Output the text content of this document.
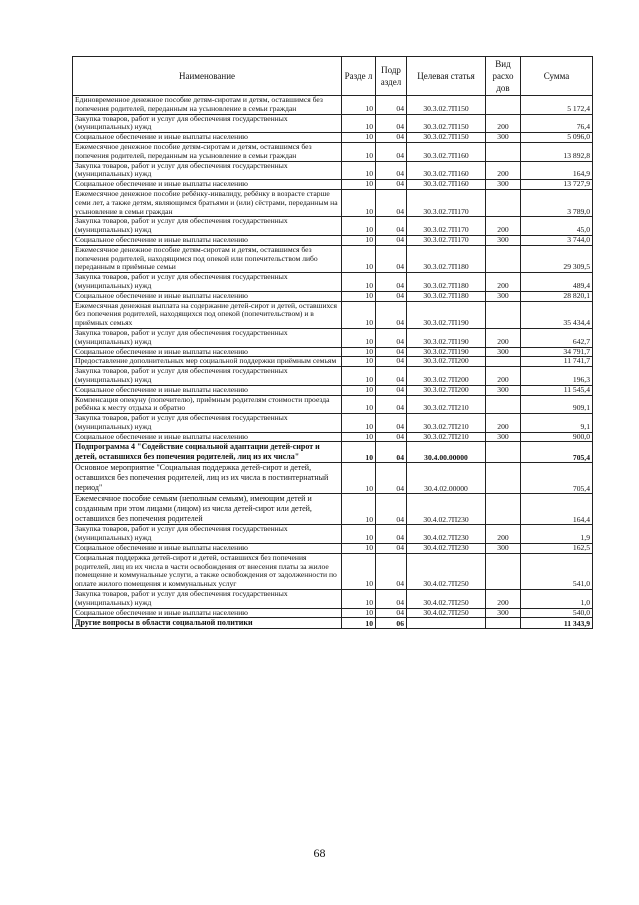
Наименование	Разде л	Подр аздел	Целевая статья	Вид расхо дов	Сумма
Единовременное денежное пособие детям-сиротам и детям, оставшимся без попечения родителей, переданным на усыновление в семьи граждан	10	04	30.3.02.7П150		5 172,4
Закупка товаров, работ и услуг для обеспечения государственных (муниципальных) нужд	10	04	30.3.02.7П150	200	76,4
Социальное обеспечение и иные выплаты населению	10	04	30.3.02.7П150	300	5 096,0
Ежемесячное денежное пособие детям-сиротам и детям, оставшимся без попечения родителей, переданным на усыновление в семьи граждан	10	04	30.3.02.7П160		13 892,8
Закупка товаров, работ и услуг для обеспечения государственных (муниципальных) нужд	10	04	30.3.02.7П160	200	164,9
Социальное обеспечение и иные выплаты населению	10	04	30.3.02.7П160	300	13 727,9
Ежемесячное денежное пособие ребёнку-инвалиду, ребёнку в возрасте старше семи лет, а также детям, являющимся братьями и (или) сёстрами, переданным на усыновление в семьи граждан	10	04	30.3.02.7П170		3 789,0
Закупка товаров, работ и услуг для обеспечения государственных (муниципальных) нужд	10	04	30.3.02.7П170	200	45,0
Социальное обеспечение и иные выплаты населению	10	04	30.3.02.7П170	300	3 744,0
Ежемесячное денежное пособие детям-сиротам и детям, оставшимся без попечения родителей, находящимся под опекой или попечительством либо переданным в приёмные семьи	10	04	30.3.02.7П180		29 309,5
Закупка товаров, работ и услуг для обеспечения государственных (муниципальных) нужд	10	04	30.3.02.7П180	200	489,4
Социальное обеспечение и иные выплаты населению	10	04	30.3.02.7П180	300	28 820,1
Ежемесячная денежная выплата на содержание детей-сирот и детей, оставшихся без попечения родителей, находящихся под опекой (попечительством) и в приёмных семьях	10	04	30.3.02.7П190		35 434,4
Закупка товаров, работ и услуг для обеспечения государственных (муниципальных) нужд	10	04	30.3.02.7П190	200	642,7
Социальное обеспечение и иные выплаты населению	10	04	30.3.02.7П190	300	34 791,7
Предоставление дополнительных мер социальной поддержки приёмным семьям	10	04	30.3.02.7П200		11 741,7
Закупка товаров, работ и услуг для обеспечения государственных (муниципальных) нужд	10	04	30.3.02.7П200	200	196,3
Социальное обеспечение и иные выплаты населению	10	04	30.3.02.7П200	300	11 545,4
Компенсация опекуну (попечителю), приёмным родителям стоимости проезда ребёнка к месту отдыха и обратно	10	04	30.3.02.7П210		909,1
Закупка товаров, работ и услуг для обеспечения государственных (муниципальных) нужд	10	04	30.3.02.7П210	200	9,1
Социальное обеспечение и иные выплаты населению	10	04	30.3.02.7П210	300	900,0
Подпрограмма 4 "Содействие социальной адаптации детей-сирот и детей, оставшихся без попечения родителей, лиц из их числа"	10	04	30.4.00.00000		705,4
Основное мероприятие "Социальная поддержка детей-сирот и детей, оставшихся без попечения родителей, лиц из их числа в постинтернатный период"	10	04	30.4.02.00000		705,4
Ежемесячное пособие семьям (неполным семьям), имеющим детей и созданным при этом лицами (лицом) из числа детей-сирот или детей, оставшихся без попечения родителей	10	04	30.4.02.7П230		164,4
Закупка товаров, работ и услуг для обеспечения государственных (муниципальных) нужд	10	04	30.4.02.7П230	200	1,9
Социальное обеспечение и иные выплаты населению	10	04	30.4.02.7П230	300	162,5
Социальная поддержка детей-сирот и детей, оставшихся без попечения родителей, лиц из их числа в части освобождения от внесения платы за жилое помещение и коммунальные услуги, а также освобождения от задолженности по оплате жилого помещения и коммунальных услуг	10	04	30.4.02.7П250		541,0
Закупка товаров, работ и услуг для обеспечения государственных (муниципальных) нужд	10	04	30.4.02.7П250	200	1,0
Социальное обеспечение и иные выплаты населению	10	04	30.4.02.7П250	300	540,0
Другие вопросы в области социальной политики	10	06			11 343,9
68
